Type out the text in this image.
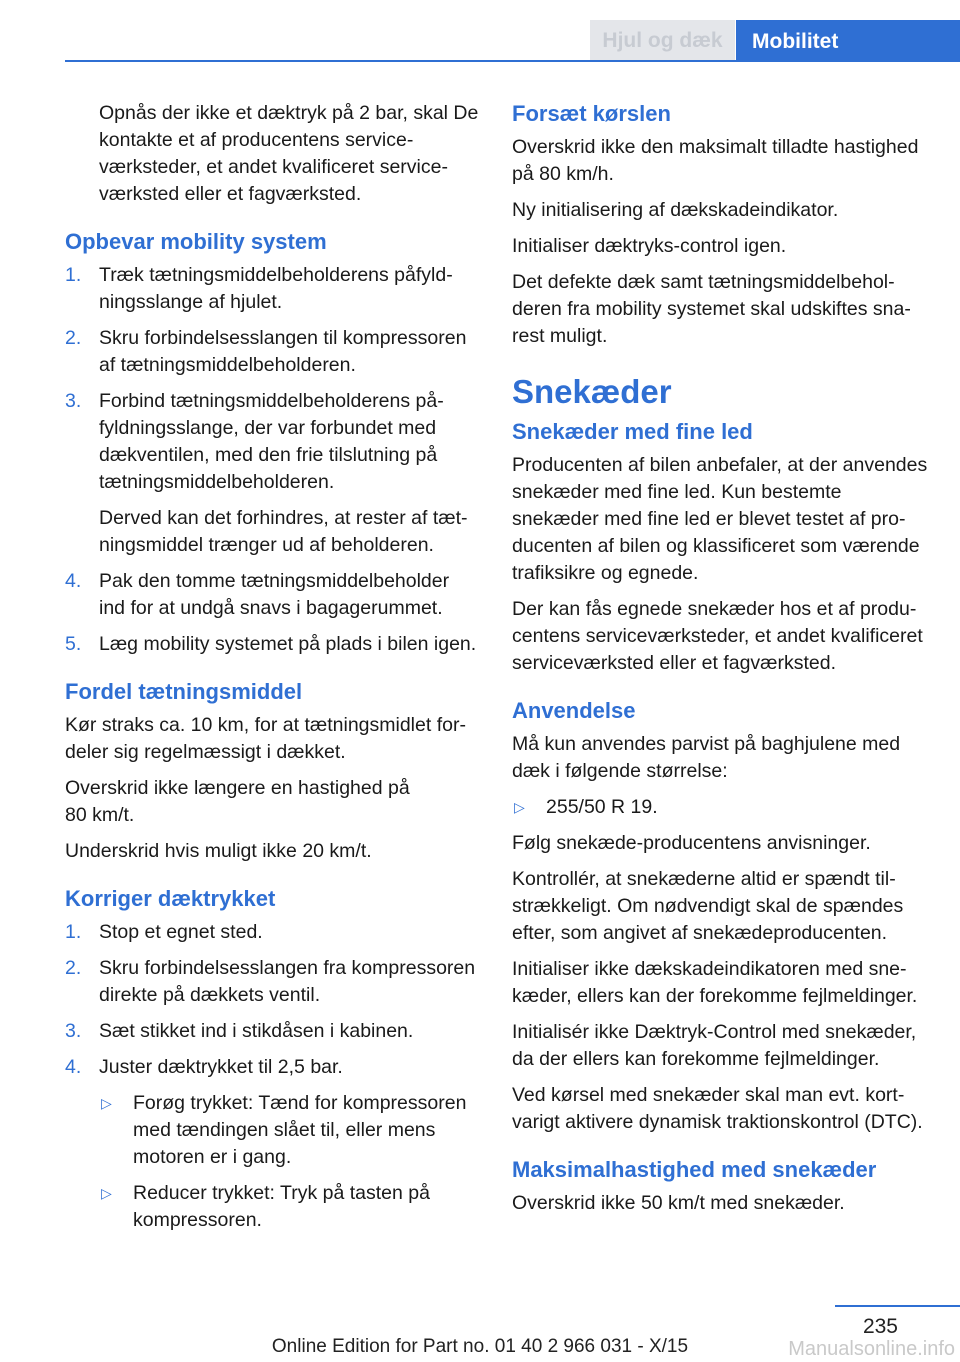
Hjul og dæk	Mobilitet

Opnås der ikke et dæktryk på 2 bar, skal De kontakte et af producentens serviceværksteder, et andet kvalificeret serviceværksted eller et fagværksted.

Opbevar mobility system
1. Træk tætningsmiddelbeholderens påfyldningsslange af hjulet.
2. Skru forbindelsesslangen til kompressoren af tætningsmiddelbeholderen.
3. Forbind tætningsmiddelbeholderens påfyldningsslange, der var forbundet med dækventilen, med den frie tilslutning på tætningsmiddelbeholderen.
Derved kan det forhindres, at rester af tætningsmiddel trænger ud af beholderen.
4. Pak den tomme tætningsmiddelbeholder ind for at undgå snavs i bagagerummet.
5. Læg mobility systemet på plads i bilen igen.
Fordel tætningsmiddel

Kør straks ca. 10 km, for at tætningsmidlet fordeler sig regelmæssigt i dækket.

Overskrid ikke længere en hastighed på
80 km/t.

Underskrid hvis muligt ikke 20 km/t.

Korriger dæktrykket
1. Stop et egnet sted.
2. Skru forbindelsesslangen fra kompressoren direkte på dækkets ventil.
3. Sæt stikket ind i stikdåsen i kabinen.
4. Juster dæktrykket til 2,5 bar.
▷ Forøg trykket: Tænd for kompressoren med tændingen slået til, eller mens motoren er i gang.
▷ Reducer trykket: Tryk på tasten på kompressoren.
Forsæt kørslen

Overskrid ikke den maksimalt tilladte hastighed på 80 km/h.

Ny initialisering af dækskadeindikator.

Initialiser dæktryks-control igen.

Det defekte dæk samt tætningsmiddelbeholderen fra mobility systemet skal udskiftes snarest muligt.

Snekæder
Snekæder med fine led

Producenten af bilen anbefaler, at der anvendes snekæder med fine led. Kun bestemte snekæder med fine led er blevet testet af producenten af bilen og klassificeret som værende trafiksikre og egnede.

Der kan fås egnede snekæder hos et af producentens serviceværksteder, et andet kvalificeret serviceværksted eller et fagværksted.

Anvendelse

Må kun anvendes parvist på baghjulene med dæk i følgende størrelse:

▷ 255/50 R 19.

Følg snekæde-producentens anvisninger.

Kontrollér, at snekæderne altid er spændt tilstrækkeligt. Om nødvendigt skal de spændes efter, som angivet af snekædeproducenten.

Initialiser ikke dækskadeindikatoren med snekæder, ellers kan der forekomme fejlmeldinger.

Initialisér ikke Dæktryk-Control med snekæder, da der ellers kan forekomme fejlmeldinger.

Ved kørsel med snekæder skal man evt. kortvarigt aktivere dynamisk traktionskontrol (DTC).

Maksimalhastighed med snekæder

Overskrid ikke 50 km/t med snekæder.

235
Online Edition for Part no. 01 40 2 966 031 - X/15	Manualsonline.info
